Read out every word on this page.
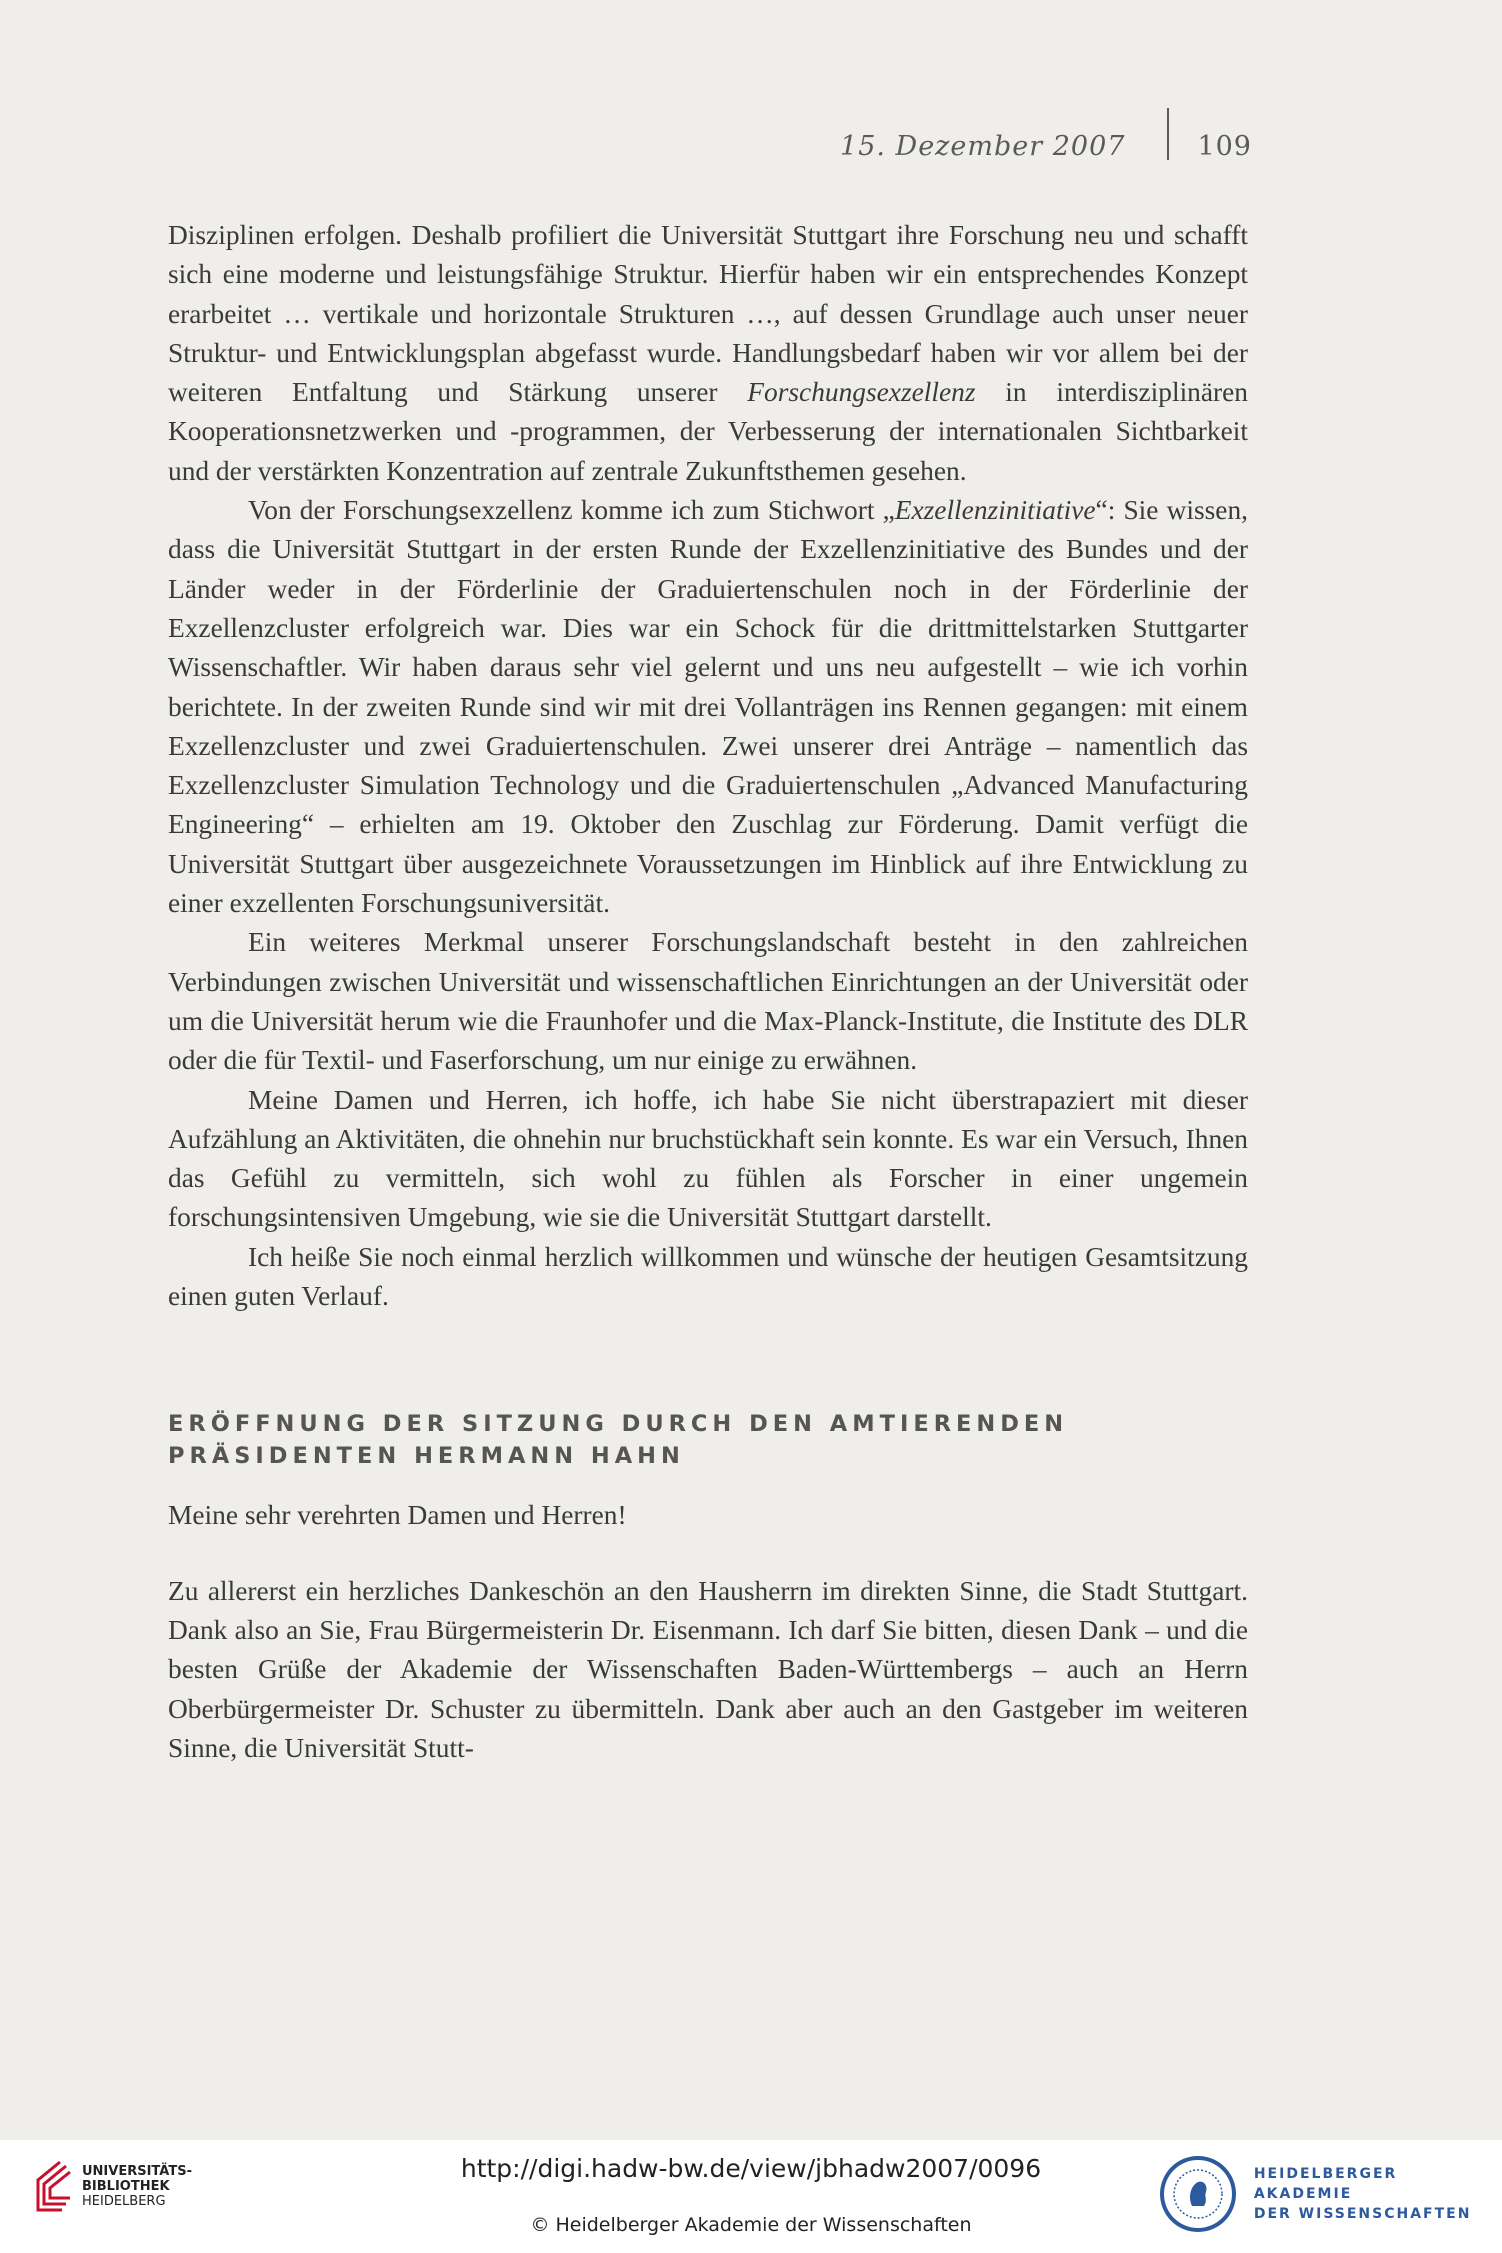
15. Dezember 2007	109

Disziplinen erfolgen. Deshalb profiliert die Universität Stuttgart ihre Forschung neu und schafft sich eine moderne und leistungsfähige Struktur. Hierfür haben wir ein entsprechendes Konzept erarbeitet … vertikale und horizontale Strukturen …, auf dessen Grundlage auch unser neuer Struktur- und Entwicklungsplan abgefasst wurde. Handlungsbedarf haben wir vor allem bei der weiteren Entfaltung und Stärkung unserer Forschungsexzellenz in interdisziplinären Kooperationsnetzwerken und -programmen, der Verbesserung der internationalen Sichtbarkeit und der verstärkten Konzentration auf zentrale Zukunftsthemen gesehen.

Von der Forschungsexzellenz komme ich zum Stichwort „Exzellenzinitiative“: Sie wissen, dass die Universität Stuttgart in der ersten Runde der Exzellenzinitiative des Bundes und der Länder weder in der Förderlinie der Graduiertenschulen noch in der Förderlinie der Exzellenzcluster erfolgreich war. Dies war ein Schock für die drittmittelstarken Stuttgarter Wissenschaftler. Wir haben daraus sehr viel gelernt und uns neu aufgestellt – wie ich vorhin berichtete. In der zweiten Runde sind wir mit drei Vollanträgen ins Rennen gegangen: mit einem Exzellenzcluster und zwei Graduiertenschulen. Zwei unserer drei Anträge – namentlich das Exzellenzcluster Simulation Technology und die Graduiertenschulen „Advanced Manufacturing Engineering“ – erhielten am 19. Oktober den Zuschlag zur Förderung. Damit verfügt die Universität Stuttgart über ausgezeichnete Voraussetzungen im Hinblick auf ihre Entwicklung zu einer exzellenten Forschungsuniversität.

Ein weiteres Merkmal unserer Forschungslandschaft besteht in den zahlreichen Verbindungen zwischen Universität und wissenschaftlichen Einrichtungen an der Universität oder um die Universität herum wie die Fraunhofer und die Max-Planck-Institute, die Institute des DLR oder die für Textil- und Faserforschung, um nur einige zu erwähnen.

Meine Damen und Herren, ich hoffe, ich habe Sie nicht überstrapaziert mit dieser Aufzählung an Aktivitäten, die ohnehin nur bruchstückhaft sein konnte. Es war ein Versuch, Ihnen das Gefühl zu vermitteln, sich wohl zu fühlen als Forscher in einer ungemein forschungsintensiven Umgebung, wie sie die Universität Stuttgart darstellt.

Ich heiße Sie noch einmal herzlich willkommen und wünsche der heutigen Gesamtsitzung einen guten Verlauf.

ERÖFFNUNG DER SITZUNG DURCH DEN AMTIERENDEN
PRÄSIDENTEN HERMANN HAHN

Meine sehr verehrten Damen und Herren!

Zu allererst ein herzliches Dankeschön an den Hausherrn im direkten Sinne, die Stadt Stuttgart. Dank also an Sie, Frau Bürgermeisterin Dr. Eisenmann. Ich darf Sie bitten, diesen Dank – und die besten Grüße der Akademie der Wissenschaften Baden-Württembergs – auch an Herrn Oberbürgermeister Dr. Schuster zu übermitteln. Dank aber auch an den Gastgeber im weiteren Sinne, die Universität Stutt-

UNIVERSITÄTS-
BIBLIOTHEK
HEIDELBERG
http://digi.hadw-bw.de/view/jbhadw2007/0096
© Heidelberger Akademie der Wissenschaften
HEIDELBERGER AKADEMIE
DER WISSENSCHAFTEN
